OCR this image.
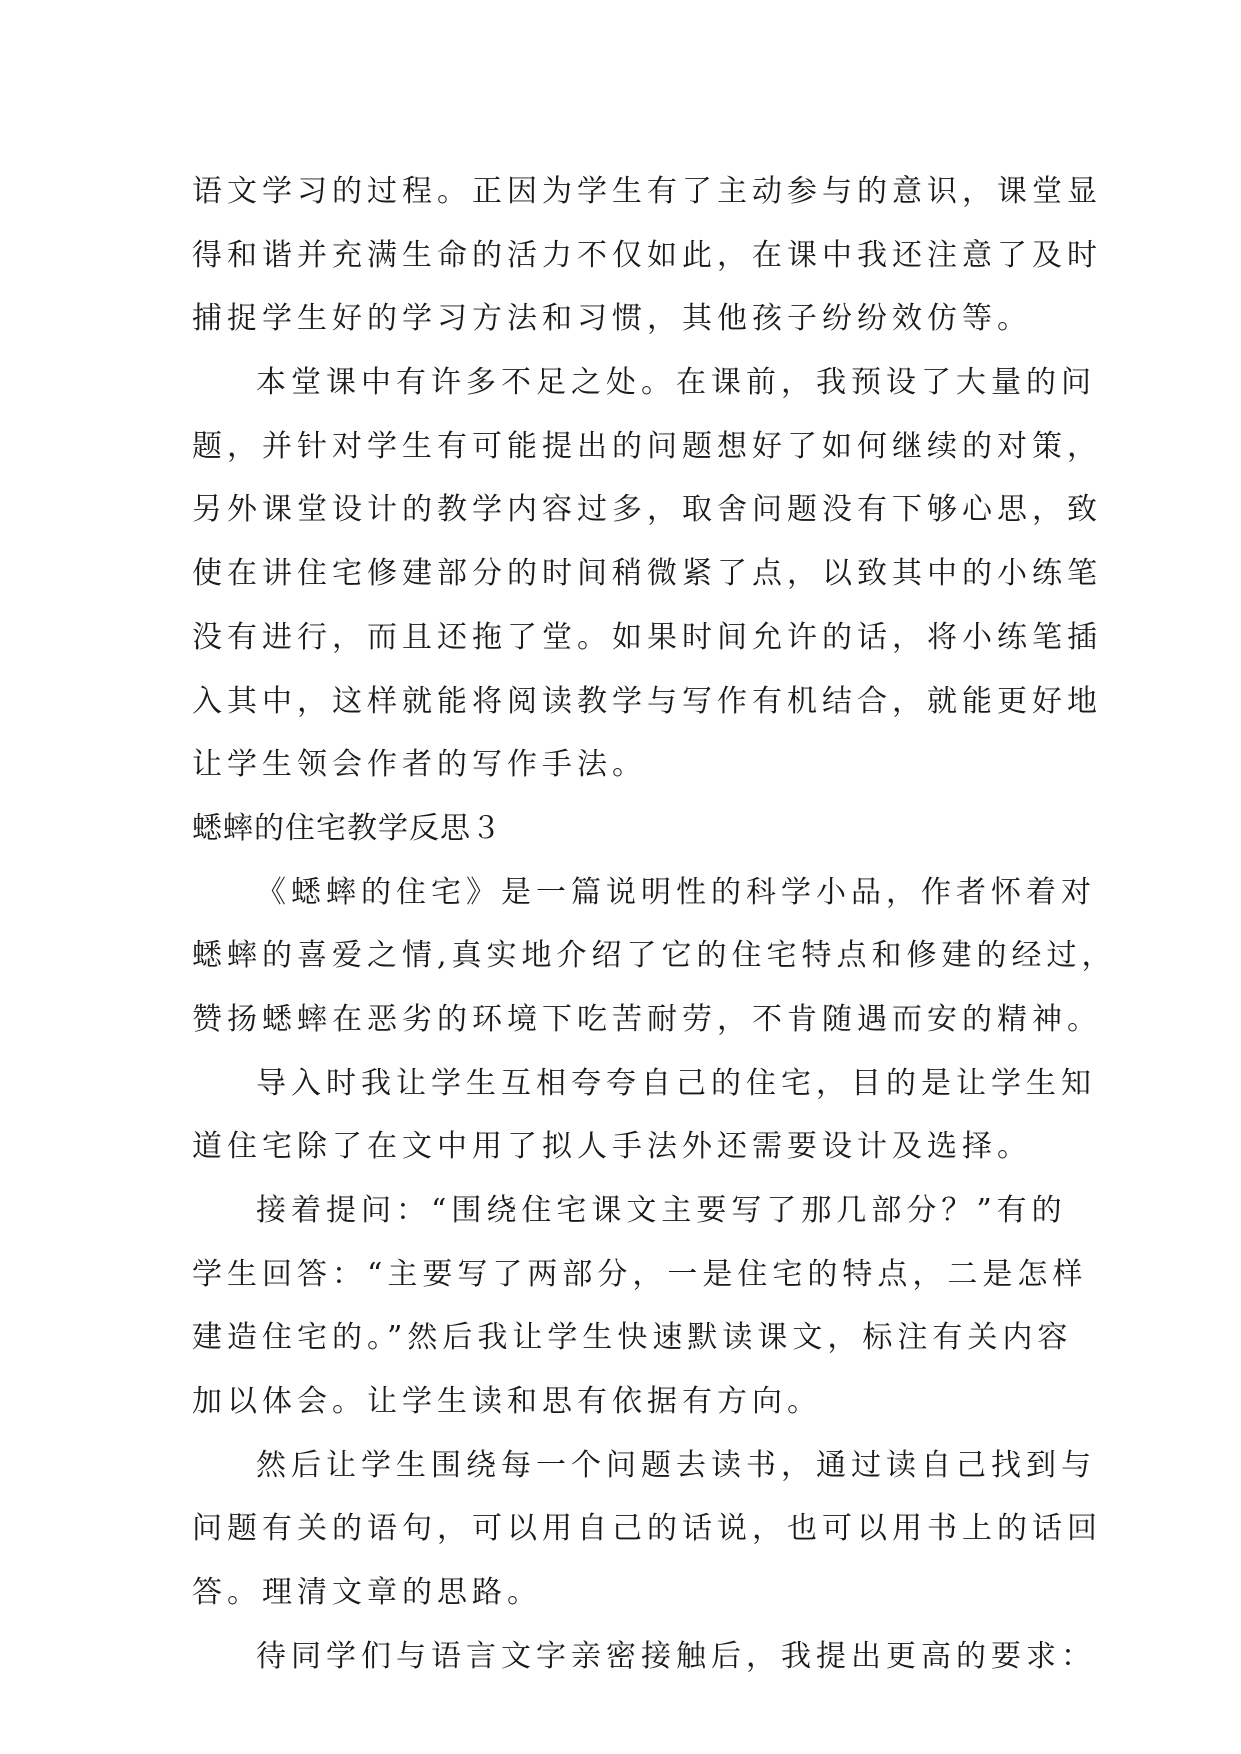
语文学习的过程。正因为学生有了主动参与的意识，课堂显
得和谐并充满生命的活力不仅如此，在课中我还注意了及时
捕捉学生好的学习方法和习惯，其他孩子纷纷效仿等。
本堂课中有许多不足之处。在课前，我预设了大量的问
题，并针对学生有可能提出的问题想好了如何继续的对策，
另外课堂设计的教学内容过多，取舍问题没有下够心思，致
使在讲住宅修建部分的时间稍微紧了点，以致其中的小练笔
没有进行，而且还拖了堂。如果时间允许的话，将小练笔插
入其中，这样就能将阅读教学与写作有机结合，就能更好地
让学生领会作者的写作手法。
蟋蟀的住宅教学反思３
《蟋蟀的住宅》是一篇说明性的科学小品，作者怀着对
蟋蟀的喜爱之情,真实地介绍了它的住宅特点和修建的经过，
赞扬蟋蟀在恶劣的环境下吃苦耐劳，不肯随遇而安的精神。
导入时我让学生互相夸夸自己的住宅，目的是让学生知
道住宅除了在文中用了拟人手法外还需要设计及选择。
接着提问：“围绕住宅课文主要写了那几部分？”有的
学生回答：“主要写了两部分，一是住宅的特点，二是怎样
建造住宅的。”然后我让学生快速默读课文，标注有关内容
加以体会。让学生读和思有依据有方向。
然后让学生围绕每一个问题去读书，通过读自己找到与
问题有关的语句，可以用自己的话说，也可以用书上的话回
答。理清文章的思路。
待同学们与语言文字亲密接触后，我提出更高的要求：
